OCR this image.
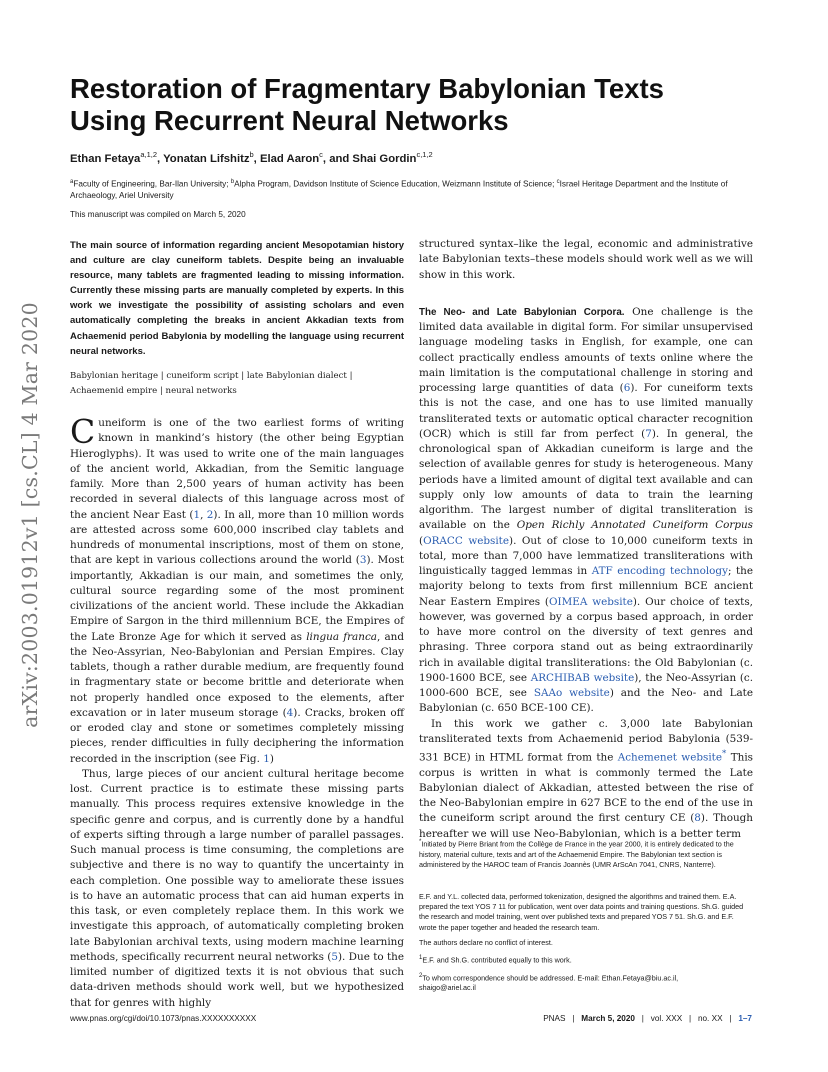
arXiv:2003.01912v1 [cs.CL] 4 Mar 2020
Restoration of Fragmentary Babylonian Texts
Using Recurrent Neural Networks
Ethan Fetaya$^{a,1,2}$, Yonatan Lifshitz$^b$, Elad Aaron$^c$, and Shai Gordin$^{c,1,2}$
$^a$Faculty of Engineering, Bar-Ilan University; $^b$Alpha Program, Davidson Institute of Science Education, Weizmann Institute of Science; $^c$Israel Heritage Department and the Institute of Archaeology, Ariel University
This manuscript was compiled on March 5, 2020
The main source of information regarding ancient Mesopotamian history and culture are clay cuneiform tablets. Despite being an invaluable resource, many tablets are fragmented leading to missing information. Currently these missing parts are manually completed by experts. In this work we investigate the possibility of assisting scholars and even automatically completing the breaks in ancient Akkadian texts from Achaemenid period Babylonia by modelling the language using recurrent neural networks.
Babylonian heritage | cuneiform script | late Babylonian dialect | Achaemenid empire | neural networks

Cuneiform is one of the two earliest forms of writing known in mankind’s history (the other being Egyptian Hieroglyphs). It was used to write one of the main languages of the ancient world, Akkadian, from the Semitic language family. More than 2,500 years of human activity has been recorded in several dialects of this language across most of the ancient Near East (1, 2). In all, more than 10 million words are attested across some 600,000 inscribed clay tablets and hundreds of monumental inscriptions, most of them on stone, that are kept in various collections around the world (3). Most importantly, Akkadian is our main, and sometimes the only, cultural source regarding some of the most prominent civilizations of the ancient world. These include the Akkadian Empire of Sargon in the third millennium BCE, the Empires of the Late Bronze Age for which it served as lingua franca, and the Neo-Assyrian, Neo-Babylonian and Persian Empires. Clay tablets, though a rather durable medium, are frequently found in fragmentary state or become brittle and deteriorate when not properly handled once exposed to the elements, after excavation or in later museum storage (4). Cracks, broken off or eroded clay and stone or sometimes completely missing pieces, render difficulties in fully deciphering the information recorded in the inscription (see Fig. 1)

Thus, large pieces of our ancient cultural heritage become lost. Current practice is to estimate these missing parts manually. This process requires extensive knowledge in the specific genre and corpus, and is currently done by a handful of experts sifting through a large number of parallel passages. Such manual process is time consuming, the completions are subjective and there is no way to quantify the uncertainty in each completion. One possible way to ameliorate these issues is to have an automatic process that can aid human experts in this task, or even completely replace them. In this work we investigate this approach, of automatically completing broken late Babylonian archival texts, using modern machine learning methods, specifically recurrent neural networks (5). Due to the limited number of digitized texts it is not obvious that such data-driven methods should work well, but we hypothesized that for genres with highly

structured syntax–like the legal, economic and administrative late Babylonian texts–these models should work well as we will show in this work.

The Neo- and Late Babylonian Corpora. One challenge is the limited data available in digital form. For similar unsupervised language modeling tasks in English, for example, one can collect practically endless amounts of texts online where the main limitation is the computational challenge in storing and processing large quantities of data (6). For cuneiform texts this is not the case, and one has to use limited manually transliterated texts or automatic optical character recognition (OCR) which is still far from perfect (7). In general, the chronological span of Akkadian cuneiform is large and the selection of available genres for study is heterogeneous. Many periods have a limited amount of digital text available and can supply only low amounts of data to train the learning algorithm. The largest number of digital transliteration is available on the Open Richly Annotated Cuneiform Corpus (ORACC website). Out of close to 10,000 cuneiform texts in total, more than 7,000 have lemmatized transliterations with linguistically tagged lemmas in ATF encoding technology; the majority belong to texts from first millennium BCE ancient Near Eastern Empires (OIMEA website). Our choice of texts, however, was governed by a corpus based approach, in order to have more control on the diversity of text genres and phrasing. Three corpora stand out as being extraordinarily rich in available digital transliterations: the Old Babylonian (c. 1900-1600 BCE, see ARCHIBAB website), the Neo-Assyrian (c. 1000-600 BCE, see SAAo website) and the Neo- and Late Babylonian (c. 650 BCE-100 CE).

In this work we gather c. 3,000 late Babylonian transliterated texts from Achaemenid period Babylonia (539-331 BCE) in HTML format from the Achemenet website* This corpus is written in what is commonly termed the Late Babylonian dialect of Akkadian, attested between the rise of the Neo-Babylonian empire in 627 BCE to the end of the use in the cuneiform script around the first century CE (8). Though hereafter we will use Neo-Babylonian, which is a better term

*Initiated by Pierre Briant from the Collège de France in the year 2000, it is entirely dedicated to the history, material culture, texts and art of the Achaemenid Empire. The Babylonian text section is administered by the HAROC team of Francis Joannès (UMR ArScAn 7041, CNRS, Nanterre).

E.F. and Y.L. collected data, performed tokenization, designed the algorithms and trained them. E.A. prepared the text YOS 7 11 for publication, went over data points and training questions. Sh.G. guided the research and model training, went over published texts and prepared YOS 7 51. Sh.G. and E.F. wrote the paper together and headed the research team.

The authors declare no conflict of interest.

$^1$E.F. and Sh.G. contributed equally to this work.

$^2$To whom correspondence should be addressed. E-mail: Ethan.Fetaya@biu.ac.il,
shaigo@ariel.ac.il

www.pnas.org/cgi/doi/10.1073/pnas.XXXXXXXXXX	PNAS   |   March 5, 2020   |   vol. XXX   |   no. XX   |   1–7
